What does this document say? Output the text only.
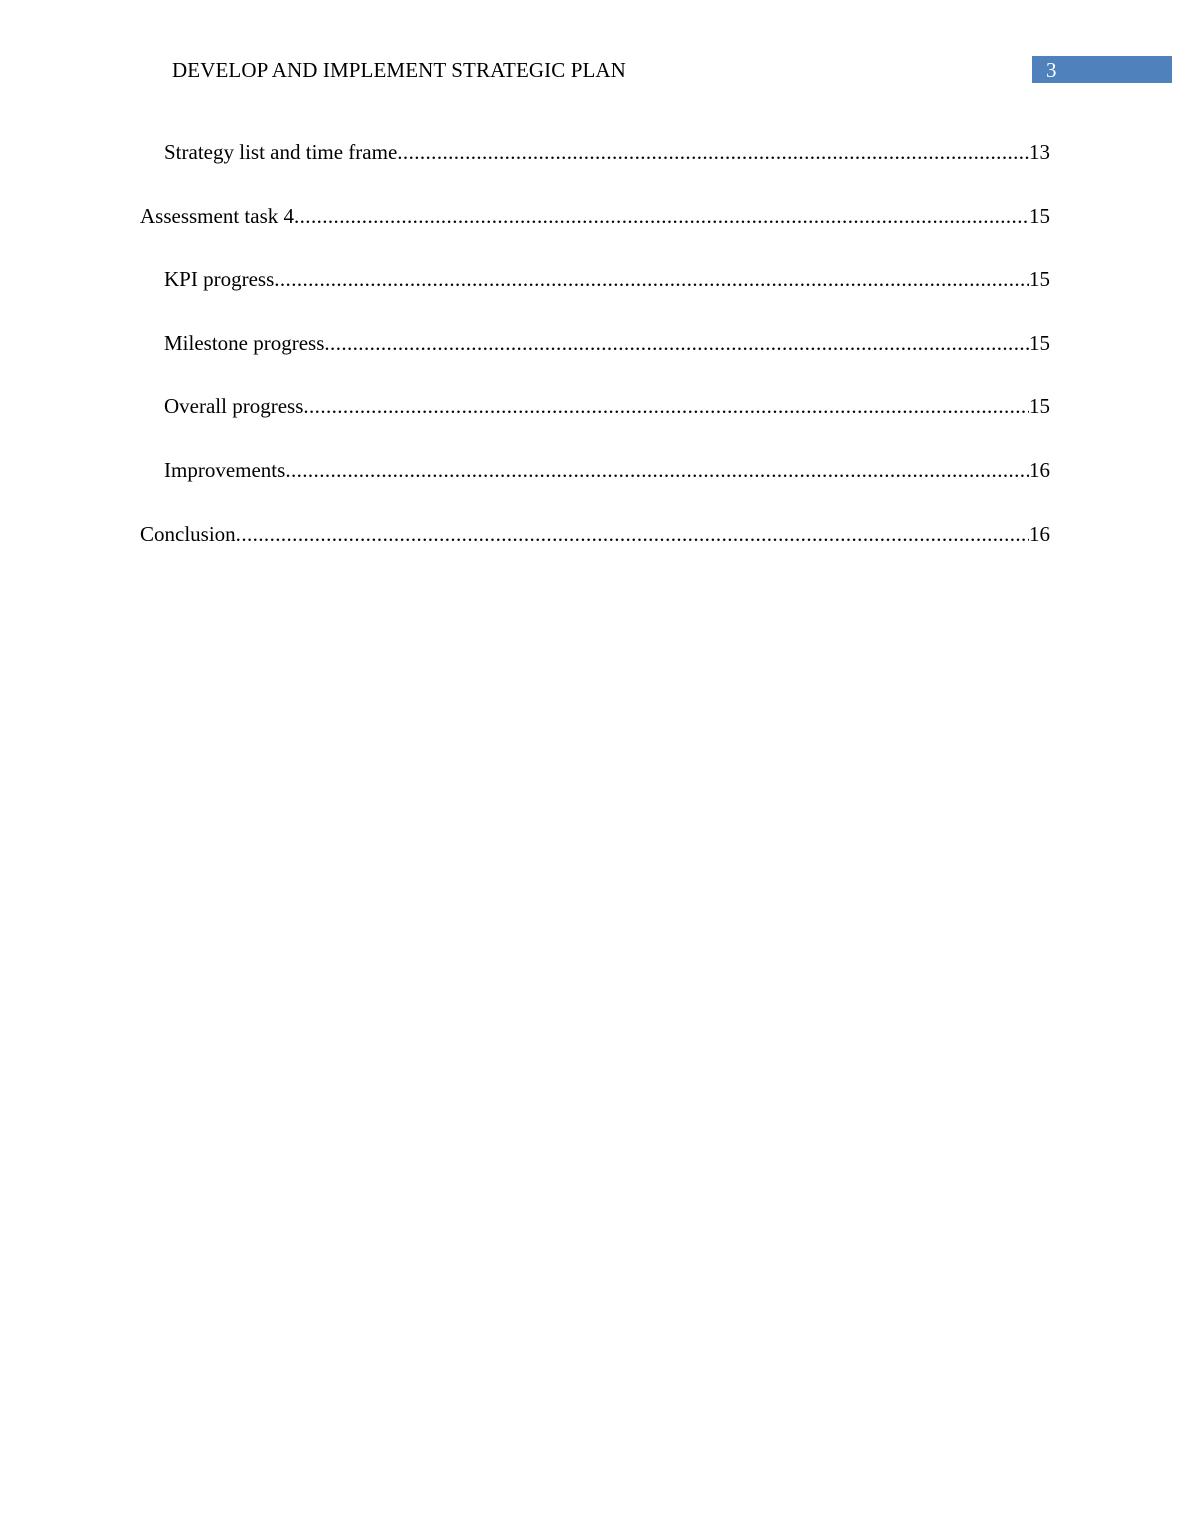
DEVELOP AND IMPLEMENT STRATEGIC PLAN	3
Strategy list and time frame .....	13
Assessment task 4 .....	15
KPI progress .....	15
Milestone progress .....	15
Overall progress .....	15
Improvements .....	16
Conclusion .....	16
